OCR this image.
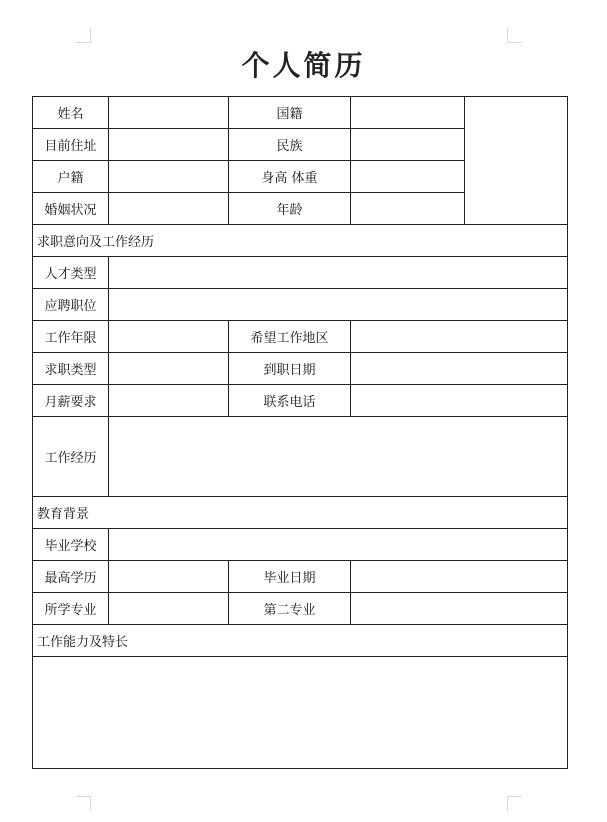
个人简历
姓名		国籍		
目前住址		民族		
户籍		身高 体重		
婚姻状况		年龄		
求职意向及工作经历				
人才类型				
应聘职位				
工作年限		希望工作地区		
求职类型		到职日期		
月薪要求		联系电话		
工作经历				
教育背景				
毕业学校				
最高学历		毕业日期		
所学专业		第二专业		
工作能力及特长				
